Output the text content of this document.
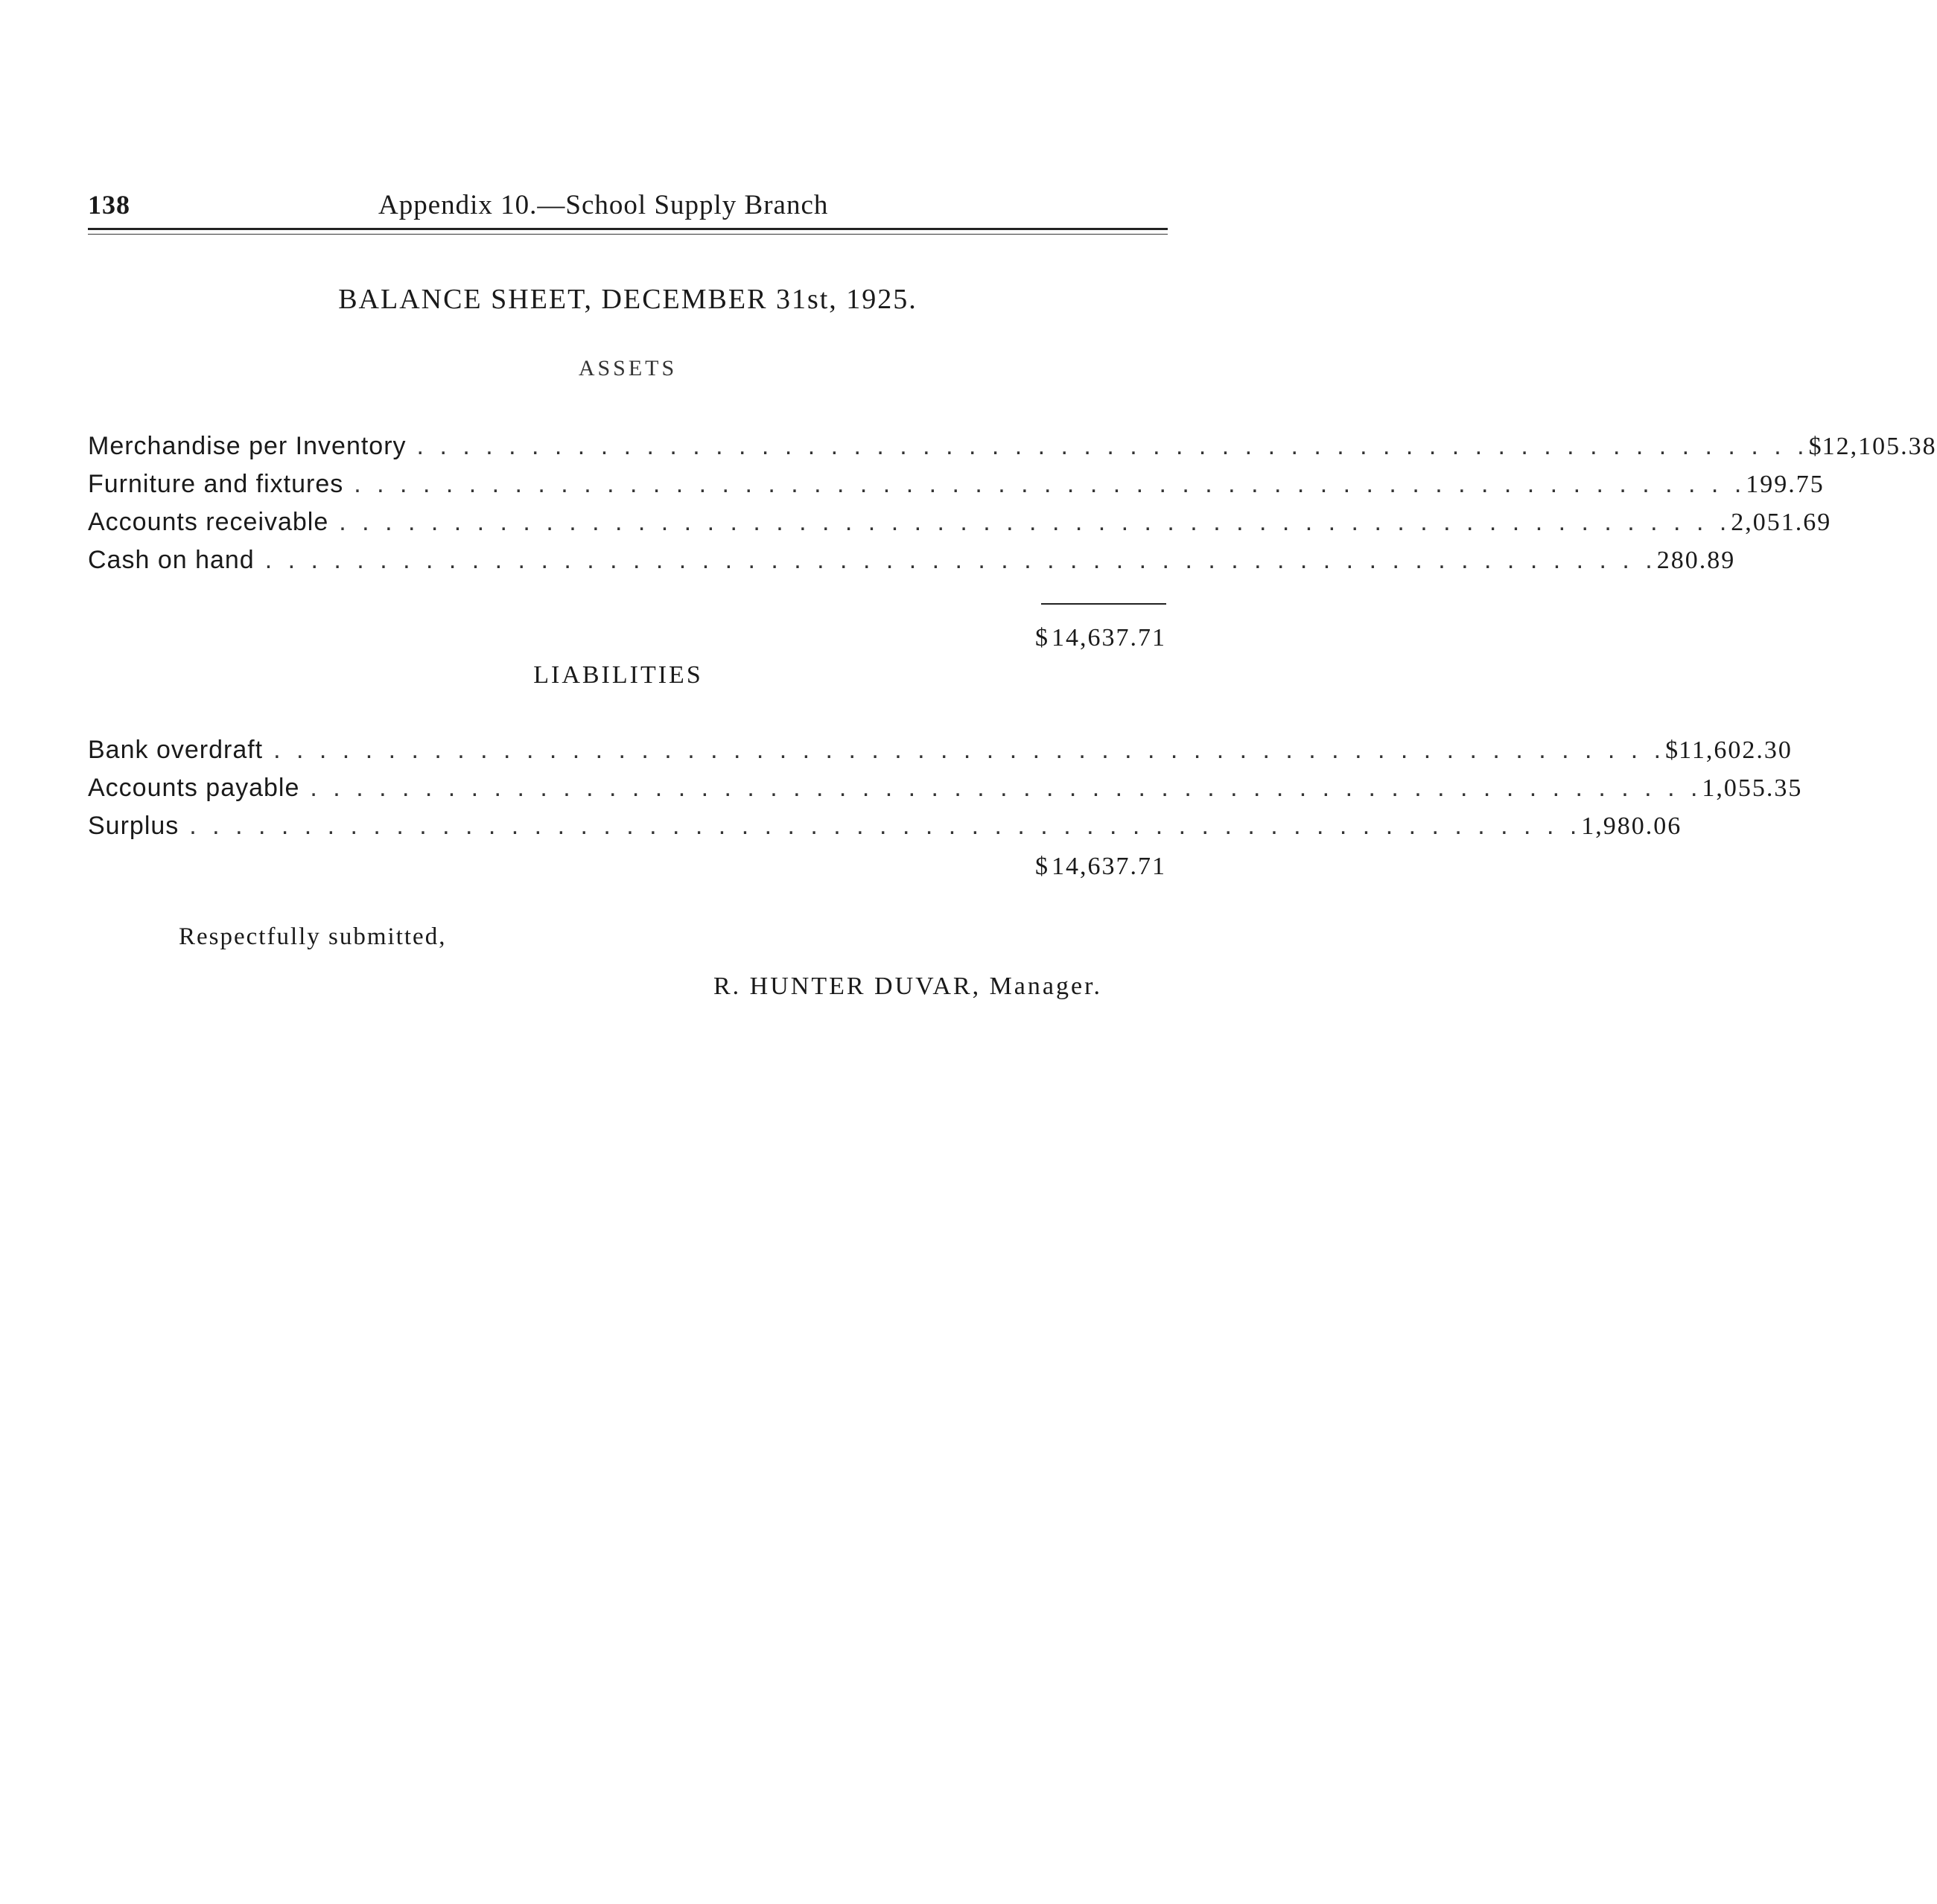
138	Appendix 10.—School Supply Branch
BALANCE SHEET, DECEMBER 31st, 1925.
ASSETS
Merchandise per Inventory . . . . . . . . . . . . . . . . . . . . . . . . . . . . . . . . . . . . . . . . . . . . . . . . . . . . . . . . . . . . . $ 12,105.38
Furniture and fixtures . . . . . . . . . . . . . . . . . . . . . . . . . . . . . . . . . . . . . . . . . . . . . . . . . . . . . . . . . . . . . 199.75
Accounts receivable . . . . . . . . . . . . . . . . . . . . . . . . . . . . . . . . . . . . . . . . . . . . . . . . . . . . . . . . . . . . . 2,051.69
Cash on hand . . . . . . . . . . . . . . . . . . . . . . . . . . . . . . . . . . . . . . . . . . . . . . . . . . . . . . . . . . . . . 280.89
$ 14,637.71
LIABILITIES
Bank overdraft . . . . . . . . . . . . . . . . . . . . . . . . . . . . . . . . . . . . . . . . . . . . . . . . . . . . . . . . . . . . . $ 11,602.30
Accounts payable . . . . . . . . . . . . . . . . . . . . . . . . . . . . . . . . . . . . . . . . . . . . . . . . . . . . . . . . . . . . . 1,055.35
Surplus . . . . . . . . . . . . . . . . . . . . . . . . . . . . . . . . . . . . . . . . . . . . . . . . . . . . . . . . . . . . . 1,980.06
$ 14,637.71
Respectfully submitted,
R. HUNTER DUVAR, Manager.
